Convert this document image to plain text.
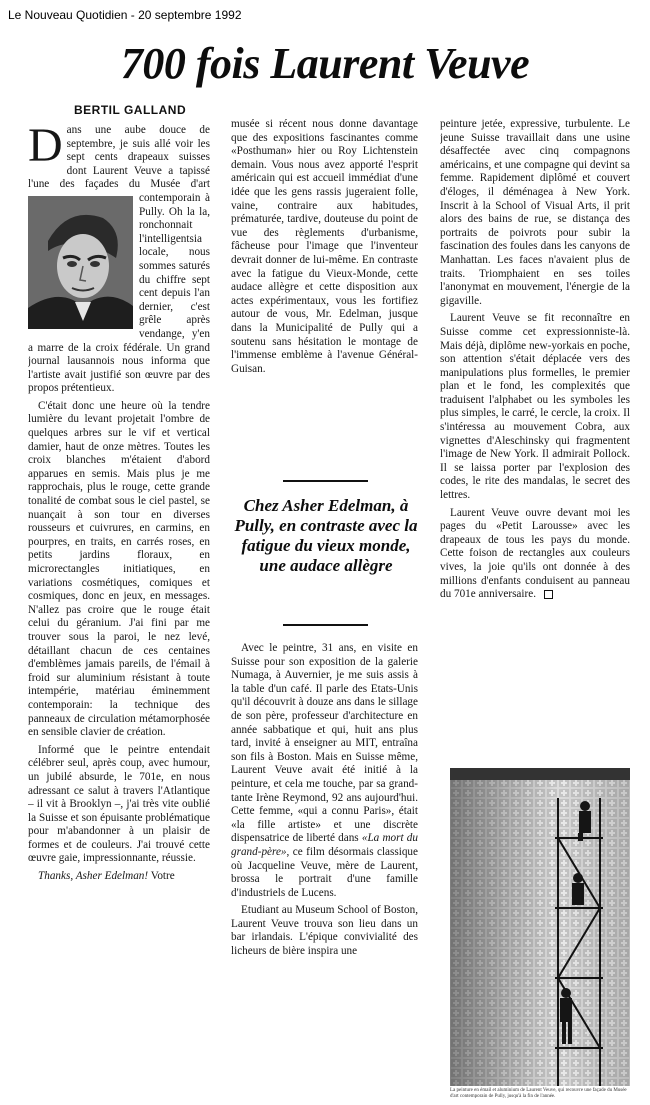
Le Nouveau Quotidien - 20 septembre 1992
700 fois Laurent Veuve
BERTIL GALLAND

Dans une aube douce de septembre, je suis allé voir les sept cents drapeaux suisses dont Laurent Veuve a tapissé l'une des façades du Musée d'art contemporain à Pully. Oh la la, ronchonnait l'intelligentsia locale, nous sommes saturés du chiffre sept cent depuis l'an dernier, c'est grêle après vendange, y'en a marre de la croix fédérale. Un grand journal lausannois nous informa que l'artiste avait justifié son œuvre par des propos prétentieux.

C'était donc une heure où la tendre lumière du levant projetait l'ombre de quelques arbres sur le vif et vertical damier, haut de onze mètres. Toutes les croix blanches m'étaient d'abord apparues en semis. Mais plus je me rapprochais, plus le rouge, cette grande tonalité de combat sous le ciel pastel, se nuançait à son tour en diverses rousseurs et cuivrures, en carmins, en pourpres, en traits, en carrés roses, en petits jardins floraux, en microrectangles initiatiques, en variations cosmétiques, comiques et cosmiques, donc en jeux, en messages. N'allez pas croire que le rouge était celui du géranium. J'ai fini par me trouver sous la paroi, le nez levé, détaillant chacun de ces centaines d'emblèmes jamais pareils, de l'émail à froid sur aluminium résistant à toute intempérie, matériau éminemment contemporain: la technique des panneaux de circulation métamorphosée en sensible clavier de création.

Informé que le peintre entendait célébrer seul, après coup, avec humour, un jubilé absurde, le 701e, en nous adressant ce salut à travers l'Atlantique – il vit à Brooklyn –, j'ai très vite oublié la Suisse et son épuisante problématique pour m'abandonner à un plaisir de formes et de couleurs. J'ai trouvé cette œuvre gaie, impressionnante, réussie.

Thanks, Asher Edelman! Votre

musée si récent nous donne davantage que des expositions fascinantes comme «Posthuman» hier ou Roy Lichtenstein demain. Vous nous avez apporté l'esprit américain qui est accueil immédiat d'une idée que les gens rassis jugeraient folle, vaine, contraire aux habitudes, prématurée, tardive, douteuse du point de vue des règlements d'urbanisme, fâcheuse pour l'image que l'inventeur devrait donner de lui-même. En contraste avec la fatigue du Vieux-Monde, cette audace allègre et cette disposition aux actes expérimentaux, vous les fortifiez autour de vous, Mr. Edelman, jusque dans la Municipalité de Pully qui a soutenu sans hésitation le montage de l'immense emblème à l'avenue Général-Guisan.

Chez Asher Edelman, à Pully, en contraste avec la fatigue du vieux monde, une audace allègre

Avec le peintre, 31 ans, en visite en Suisse pour son exposition de la galerie Numaga, à Auvernier, je me suis assis à la table d'un café. Il parle des Etats-Unis qu'il découvrit à douze ans dans le sillage de son père, professeur d'architecture en année sabbatique et qui, huit ans plus tard, invité à enseigner au MIT, entraîna son fils à Boston. Mais en Suisse même, Laurent Veuve avait été initié à la peinture, et cela me touche, par sa grand-tante Irène Reymond, 92 ans aujourd'hui. Cette femme, «qui a connu Paris», était «la fille artiste» et une discrète dispensatrice de liberté dans «La mort du grand-père», ce film désormais classique où Jacqueline Veuve, mère de Laurent, brossa le portrait d'une famille d'industriels de Lucens.

Etudiant au Museum School of Boston, Laurent Veuve trouva son lieu dans un bar irlandais. L'épique convivialité des licheurs de bière inspira une

peinture jetée, expressive, turbulente. Le jeune Suisse travaillait dans une usine désaffectée avec cinq compagnons américains, et une compagne qui devint sa femme. Rapidement diplômé et couvert d'éloges, il déménagea à New York. Inscrit à la School of Visual Arts, il prit alors des bains de rue, se distança des portraits de poivrots pour subir la fascination des foules dans les canyons de Manhattan. Les faces n'avaient plus de traits. Triomphaient en ses toiles l'anonymat en mouvement, l'énergie de la gigaville.

Laurent Veuve se fit reconnaître en Suisse comme cet expressionniste-là. Mais déjà, diplôme new-yorkais en poche, son attention s'était déplacée vers des manipulations plus formelles, le premier plan et le fond, les complexités que traduisent l'alphabet ou les symboles les plus simples, le carré, le cercle, la croix. Il s'intéressa au mouvement Cobra, aux vignettes d'Aleschinsky qui fragmentent l'image de New York. Il admirait Pollock. Il se laissa porter par l'explosion des codes, le rite des mandalas, le secret des lettres.

Laurent Veuve ouvre devant moi les pages du «Petit Larousse» avec les drapeaux de tous les pays du monde. Cette foison de rectangles aux couleurs vives, la joie qu'ils ont donnée à des millions d'enfants conduisent au panneau du 701e anniversaire.

La peinture en émail et aluminium de Laurent Veuve, qui recouvre une façade du Musée d'art contemporain de Pully, jusqu'à la fin de l'année.
